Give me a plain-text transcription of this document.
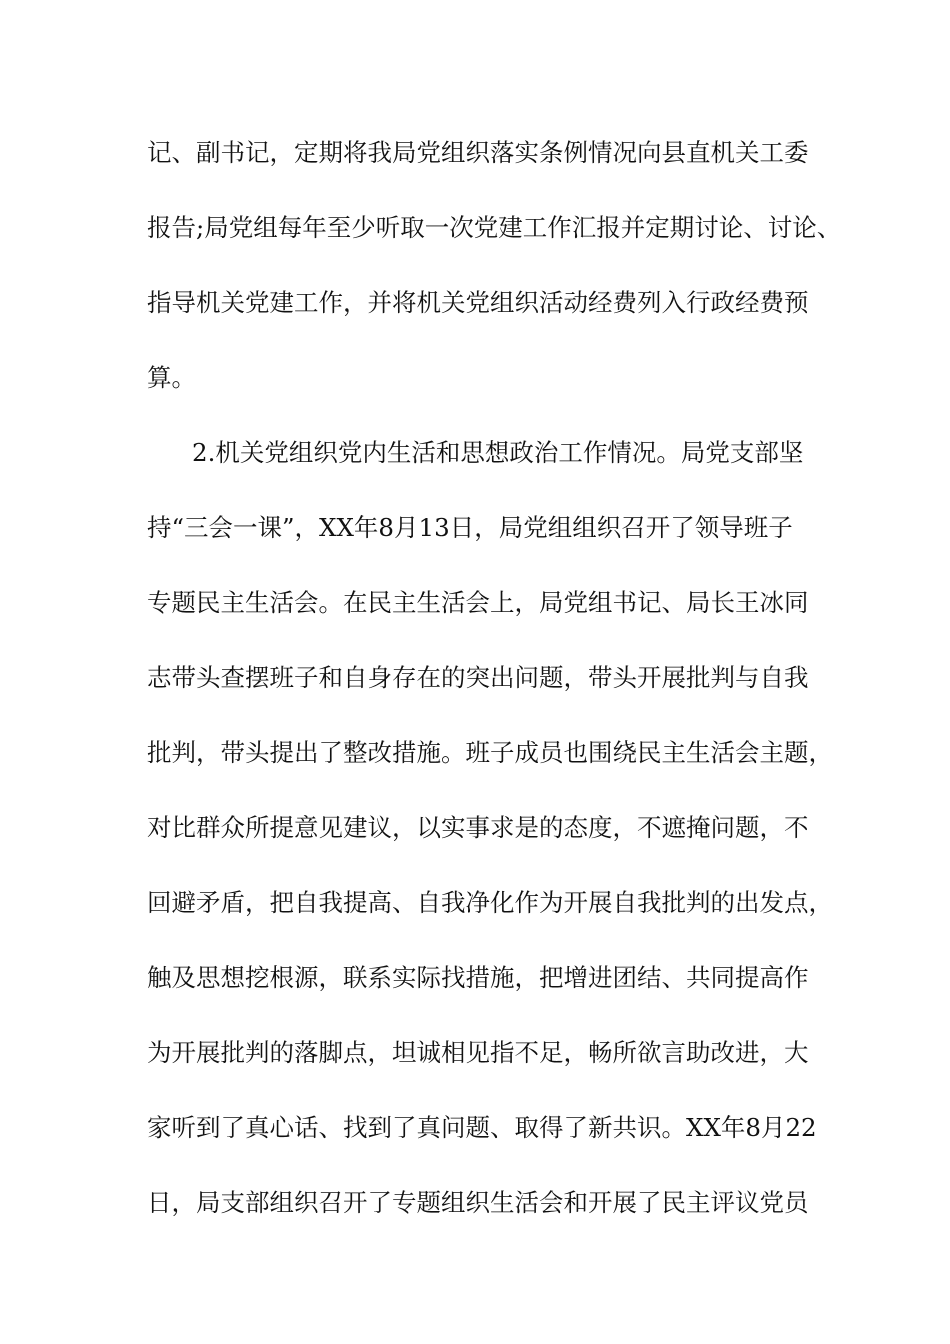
记、副书记，定期将我局党组织落实条例情况向县直机关工委
报告;局党组每年至少听取一次党建工作汇报并定期讨论、讨论、
指导机关党建工作，并将机关党组织活动经费列入行政经费预
算。
2.机关党组织党内生活和思想政治工作情况。局党支部坚
持“三会一课”，XX年8月13日，局党组组织召开了领导班子
专题民主生活会。在民主生活会上，局党组书记、局长王冰同
志带头查摆班子和自身存在的突出问题，带头开展批判与自我
批判，带头提出了整改措施。班子成员也围绕民主生活会主题，
对比群众所提意见建议，以实事求是的态度，不遮掩问题，不
回避矛盾，把自我提高、自我净化作为开展自我批判的出发点，
触及思想挖根源，联系实际找措施，把增进团结、共同提高作
为开展批判的落脚点，坦诚相见指不足，畅所欲言助改进，大
家听到了真心话、找到了真问题、取得了新共识。XX年8月22
日，局支部组织召开了专题组织生活会和开展了民主评议党员
